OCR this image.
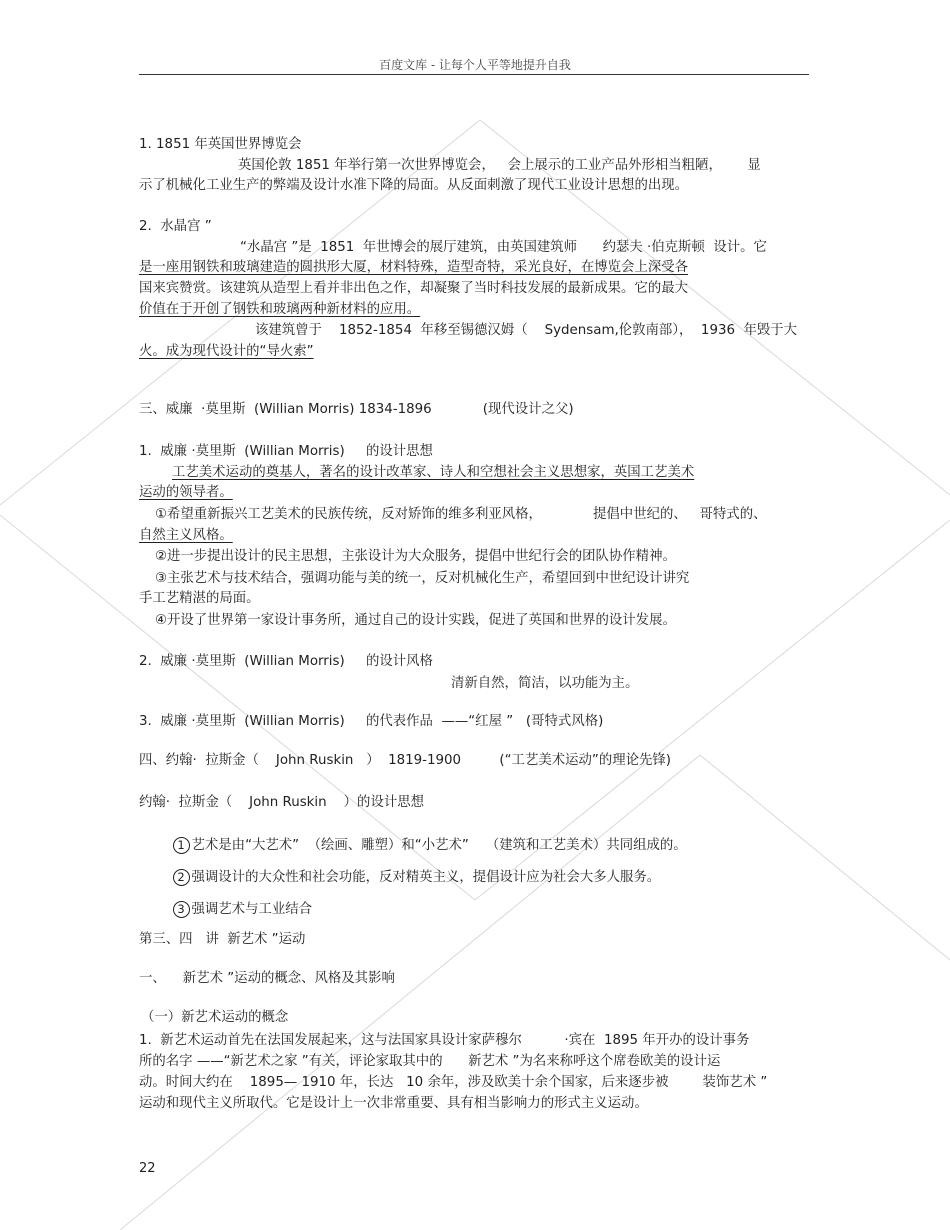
百度文库 - 让每个人平等地提升自我
1. 1851 年英国世界博览会
英国伦敦 1851 年举行第一次世界博览会，   会上展示的工业产品外形相当粗陋，      显
示了机械化工业生产的弊端及设计水准下降的局面。从反面刺激了现代工业设计思想的出现。
2.  水晶宫 ”
“水晶宫 ”是  1851  年世博会的展厅建筑，由英国建筑师      约瑟夫 ·伯克斯顿  设计。它
是一座用钢铁和玻璃建造的圆拱形大厦，材料特殊，造型奇特，采光良好，在博览会上深受各
国来宾赞赏。该建筑从造型上看并非出色之作，却凝聚了当时科技发展的最新成果。它的最大
价值在于开创了钢铁和玻璃两种新材料的应用。
该建筑曾于    1852-1854  年移至锡德汉姆（    Sydensam,伦敦南部），  1936  年毁于大
火。成为现代设计的“导火索”
三、威廉  ·莫里斯  (Willian Morris) 1834-1896            (现代设计之父)
1.  威廉 ·莫里斯  (Willian Morris)     的设计思想
工艺美术运动的奠基人，著名的设计改革家、诗人和空想社会主义思想家，英国工艺美术
运动的领导者。
①希望重新振兴工艺美术的民族传统，反对矫饰的维多利亚风格，            提倡中世纪的、   哥特式的、
自然主义风格。
②进一步提出设计的民主思想，主张设计为大众服务，提倡中世纪行会的团队协作精神。
③主张艺术与技术结合，强调功能与美的统一，反对机械化生产，希望回到中世纪设计讲究
手工艺精湛的局面。
④开设了世界第一家设计事务所，通过自己的设计实践，促进了英国和世界的设计发展。
2.  威廉 ·莫里斯  (Willian Morris)     的设计风格
清新自然，简洁，以功能为主。
3.  威廉 ·莫里斯  (Willian Morris)     的代表作品  ——“红屋 ”   (哥特式风格)
四、约翰·  拉斯金（    John Ruskin   ）  1819-1900         (“工艺美术运动”的理论先锋)
约翰·  拉斯金（    John Ruskin    ）的设计思想

1 艺术是由“大艺术”  （绘画、雕塑）和“小艺术”    （建筑和工艺美术）共同组成的。

2 强调设计的大众性和社会功能，反对精英主义，提倡设计应为社会大多人服务。

3 强调艺术与工业结合

第三、四   讲  新艺术 ”运动
一、    新艺术 ”运动的概念、风格及其影响
（一）新艺术运动的概念
1.  新艺术运动首先在法国发展起来，这与法国家具设计家萨穆尔          ·宾在  1895 年开办的设计事务
所的名字 ——“新艺术之家 ”有关，评论家取其中的      新艺术 ”为名来称呼这个席卷欧美的设计运
动。时间大约在    1895— 1910 年，长达   10 余年，涉及欧美十余个国家，后来逐步被        装饰艺术 ”
运动和现代主义所取代。它是设计上一次非常重要、具有相当影响力的形式主义运动。
22
